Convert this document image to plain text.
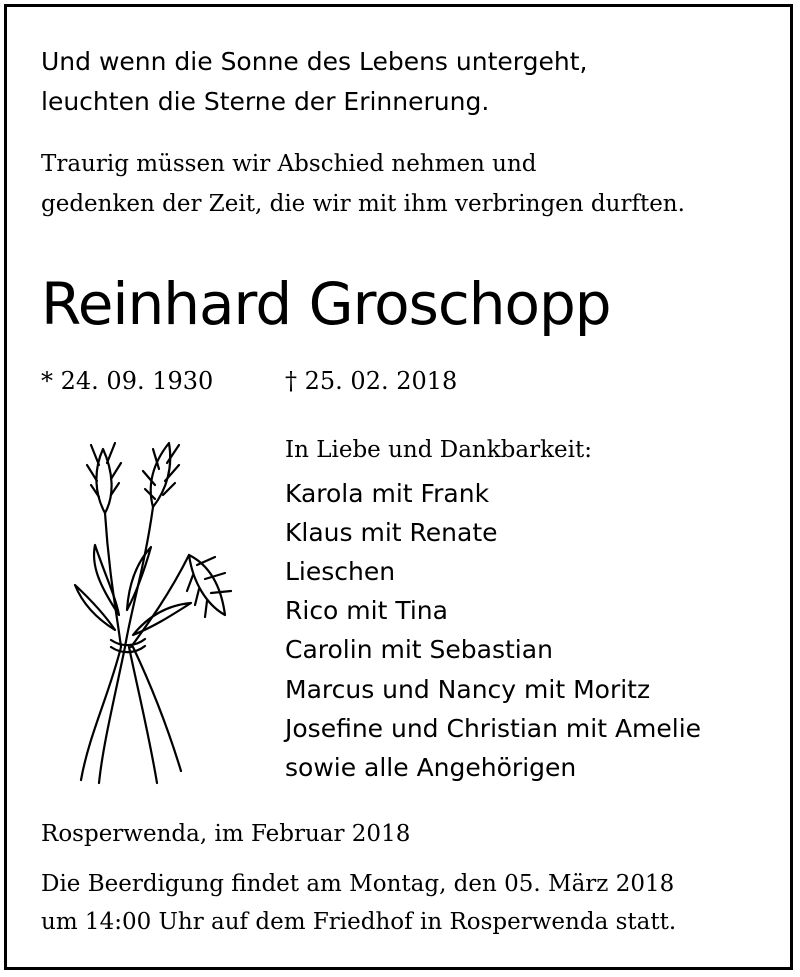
Und wenn die Sonne des Lebens untergeht,
leuchten die Sterne der Erinnerung.
Traurig müssen wir Abschied nehmen und
gedenken der Zeit, die wir mit ihm verbringen durften.
Reinhard Groschopp
* 24. 09. 1930	† 25. 02. 2018
In Liebe und Dankbarkeit:
Karola mit Frank
Klaus mit Renate
Lieschen
Rico mit Tina
Carolin mit Sebastian
Marcus und Nancy mit Moritz
Josefine und Christian mit Amelie
sowie alle Angehörigen
Rosperwenda, im Februar 2018
Die Beerdigung findet am Montag, den 05. März 2018
um 14:00 Uhr auf dem Friedhof in Rosperwenda statt.
